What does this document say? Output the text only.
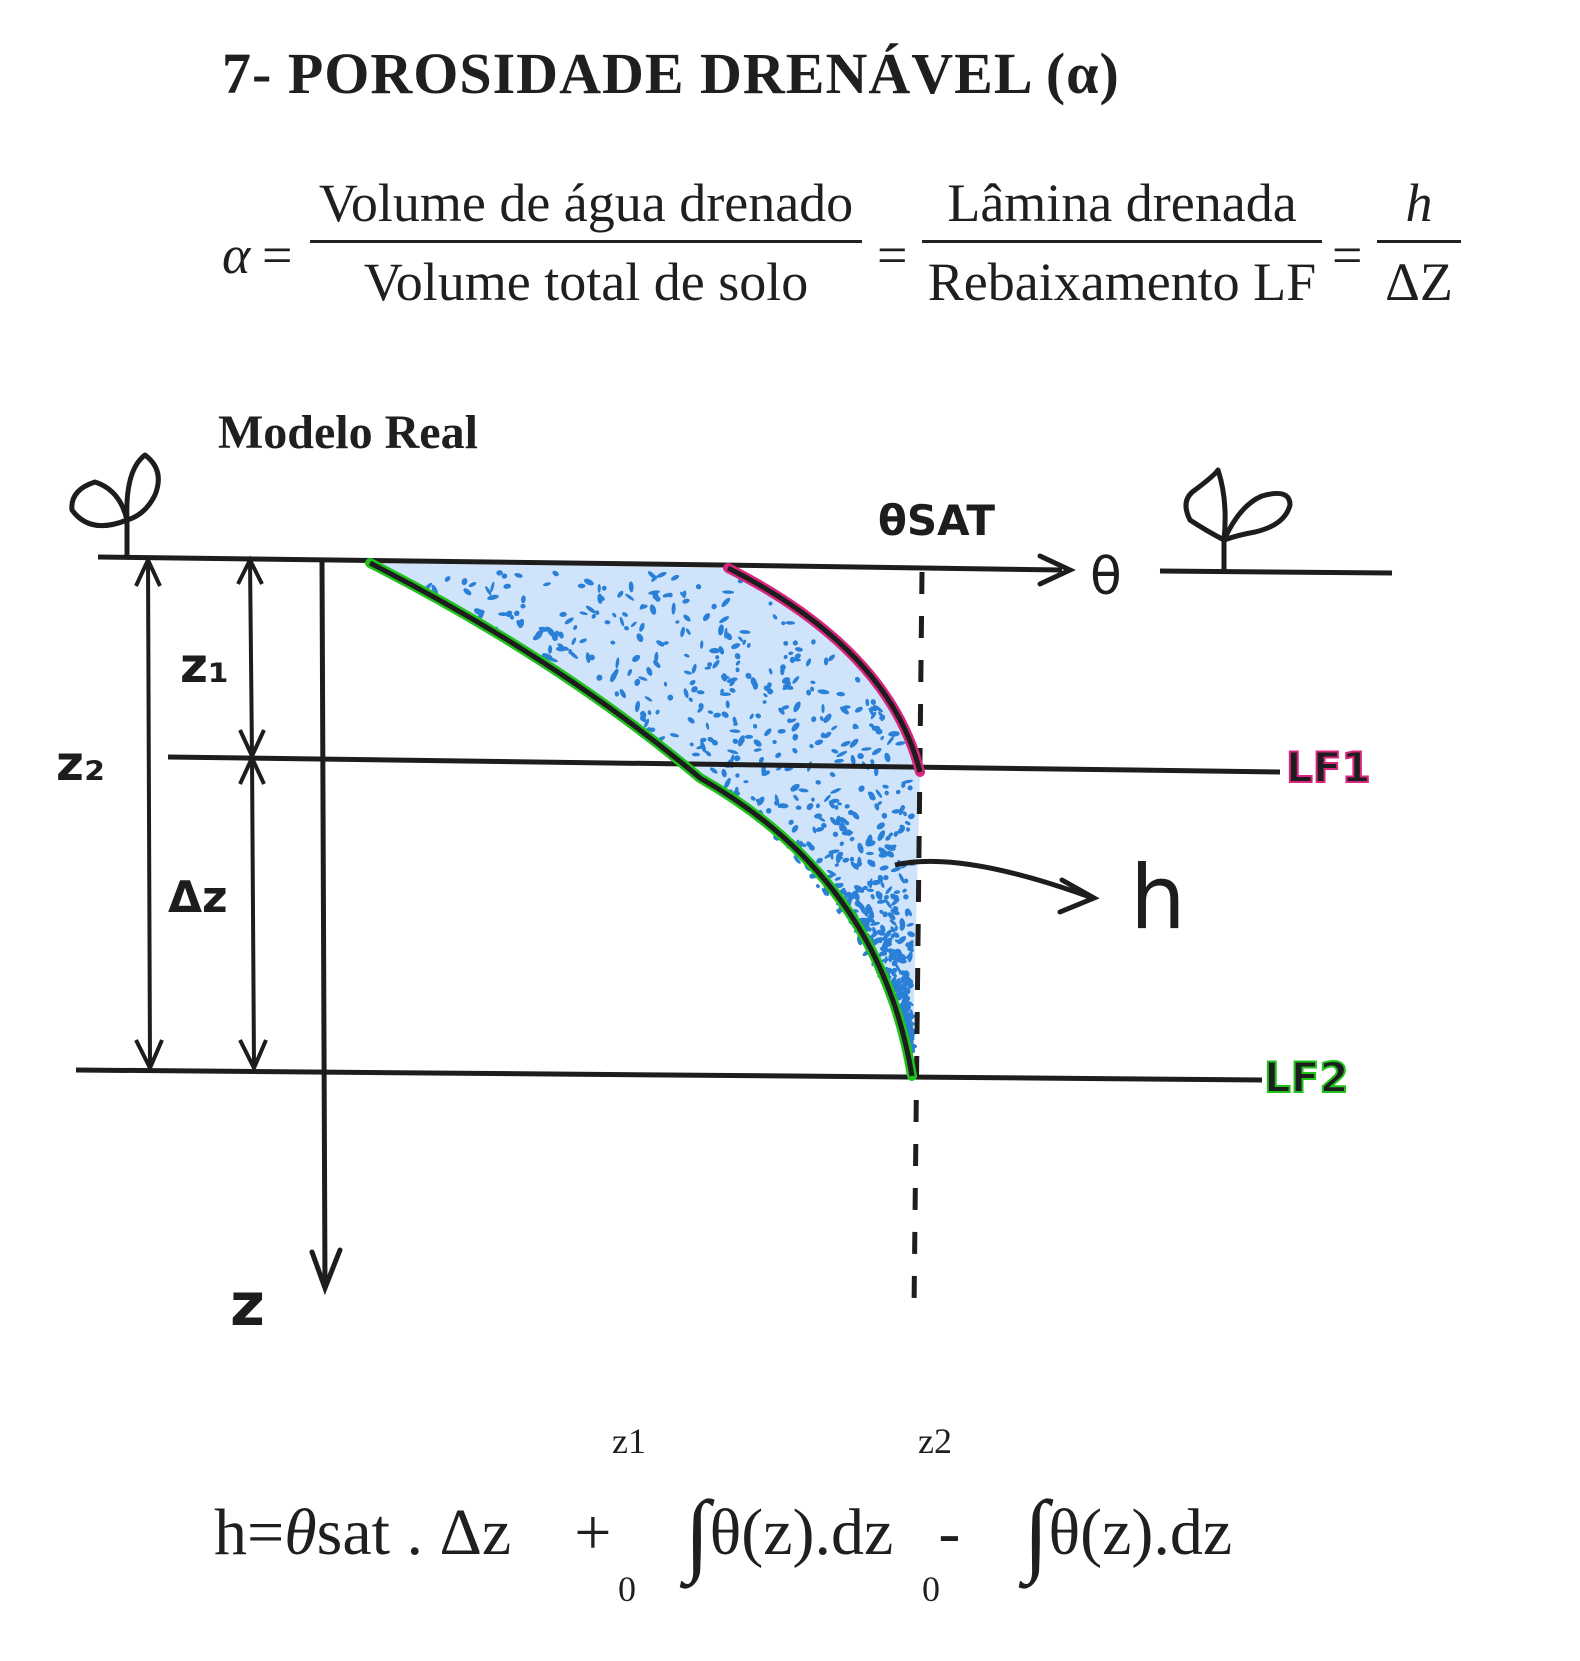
7- POROSIDADE DRENÁVEL (α)
α =
Volume de água drenado
Volume total de solo	=
Lâmina drenada
Rebaixamento LF = $\frac{h}{\Delta Z}$
Modelo Real
θSAT
θ
z
z₁
z₂
Δz
LF1
LF2
h
h=θsat . Δz + ∫θ(z).dz - ∫θ(z).dz
z1
0
z2
0
